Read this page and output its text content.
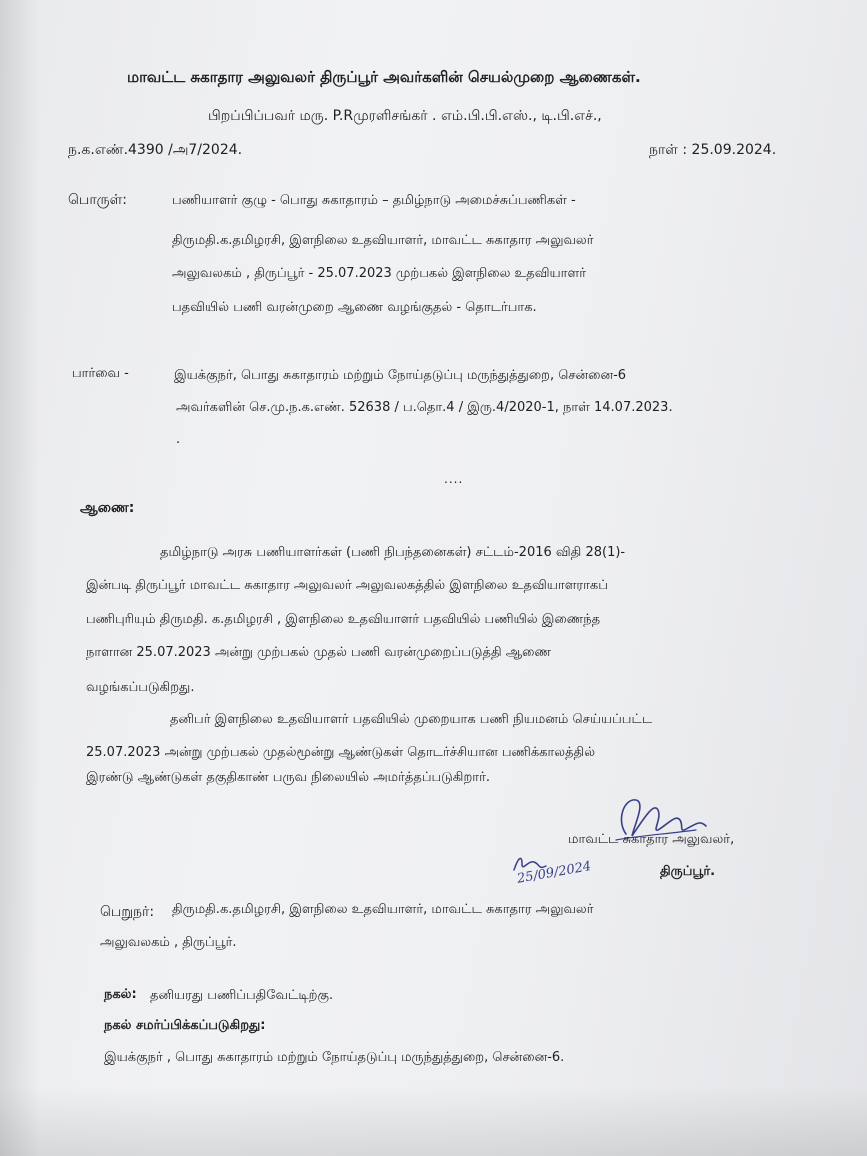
மாவட்ட சுகாதார அலுவலர் திருப்பூர் அவர்களின் செயல்முறை ஆணைகள்.
பிறப்பிப்பவர் மரு. P.Rமுரளிசங்கர் . எம்.பி.பி.எஸ்., டி.பி.எச்.,
ந.க.எண்.4390 /அ7/2024.	நாள் : 25.09.2024.
பொருள்:	பணியாளர் குழு - பொது சுகாதாரம் – தமிழ்நாடு அமைச்சுப்பணிகள் -
திருமதி.க.தமிழரசி, இளநிலை உதவியாளர், மாவட்ட சுகாதார அலுவலர்
அலுவலகம் , திருப்பூர் - 25.07.2023 முற்பகல் இளநிலை உதவியாளர்
பதவியில் பணி வரன்முறை ஆணை வழங்குதல் - தொடர்பாக.
பார்வை -	இயக்குநர், பொது சுகாதாரம் மற்றும் நோய்தடுப்பு மருந்துத்துறை, சென்னை-6
அவர்களின் செ.மு.ந.க.எண். 52638 / ப.தொ.4 / இரு.4/2020-1, நாள் 14.07.2023.
.
....
ஆணை:
தமிழ்நாடு அரசு பணியாளர்கள் (பணி நிபந்தனைகள்) சட்டம்-2016 விதி 28(1)-
இன்படி திருப்பூர் மாவட்ட சுகாதார அலுவலர் அலுவலகத்தில் இளநிலை உதவியாளராகப்
பணிபுரியும் திருமதி. க.தமிழரசி , இளநிலை உதவியாளர் பதவியில் பணியில் இணைந்த
நாளான 25.07.2023 அன்று முற்பகல் முதல் பணி வரன்முறைப்படுத்தி ஆணை
வழங்கப்படுகிறது.
தனிபர் இளநிலை உதவியாளர் பதவியில் முறையாக பணி நியமனம் செய்யப்பட்ட
25.07.2023 அன்று முற்பகல் முதல்மூன்று ஆண்டுகள் தொடர்ச்சியான பணிக்காலத்தில்
இரண்டு ஆண்டுகள் தகுதிகாண் பருவ நிலையில் அமர்த்தப்படுகிறார்.
மாவட்ட சுகாதார அலுவலர்,
25/09/2024	திருப்பூர்.
பெறுநர்: திருமதி.க.தமிழரசி, இளநிலை உதவியாளர், மாவட்ட சுகாதார அலுவலர்
அலுவலகம் , திருப்பூர்.
நகல்: தனியரது பணிப்பதிவேட்டிற்கு.
நகல் சமர்ப்பிக்கப்படுகிறது:
இயக்குநர் , பொது சுகாதாரம் மற்றும் நோய்தடுப்பு மருந்துத்துறை, சென்னை-6.
